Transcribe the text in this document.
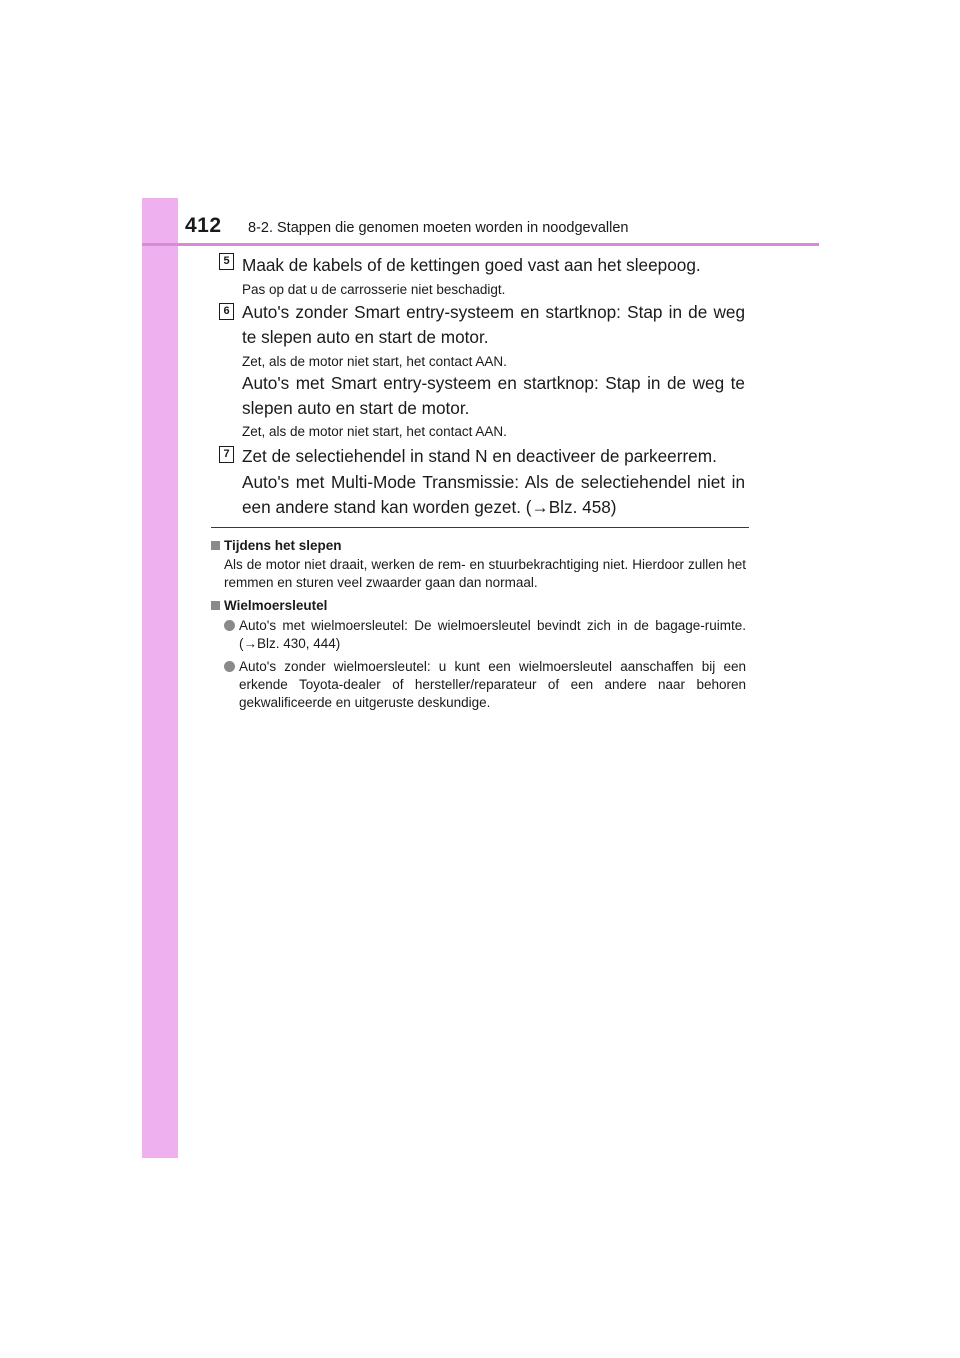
412 8-2. Stappen die genomen moeten worden in noodgevallen
5 Maak de kabels of de kettingen goed vast aan het sleepoog.
Pas op dat u de carrosserie niet beschadigt.
6 Auto's zonder Smart entry-systeem en startknop: Stap in de weg te slepen auto en start de motor.
Zet, als de motor niet start, het contact AAN.
Auto's met Smart entry-systeem en startknop: Stap in de weg te slepen auto en start de motor.
Zet, als de motor niet start, het contact AAN.
7 Zet de selectiehendel in stand N en deactiveer de parkeerrem.
Auto's met Multi-Mode Transmissie: Als de selectiehendel niet in een andere stand kan worden gezet. (→Blz. 458)
Tijdens het slepen
Als de motor niet draait, werken de rem- en stuurbekrachtiging niet. Hierdoor zullen het remmen en sturen veel zwaarder gaan dan normaal.
Wielmoersleutel
Auto's met wielmoersleutel: De wielmoersleutel bevindt zich in de bagage-ruimte. (→Blz. 430, 444)
Auto's zonder wielmoersleutel: u kunt een wielmoersleutel aanschaffen bij een erkende Toyota-dealer of hersteller/reparateur of een andere naar behoren gekwalificeerde en uitgeruste deskundige.
